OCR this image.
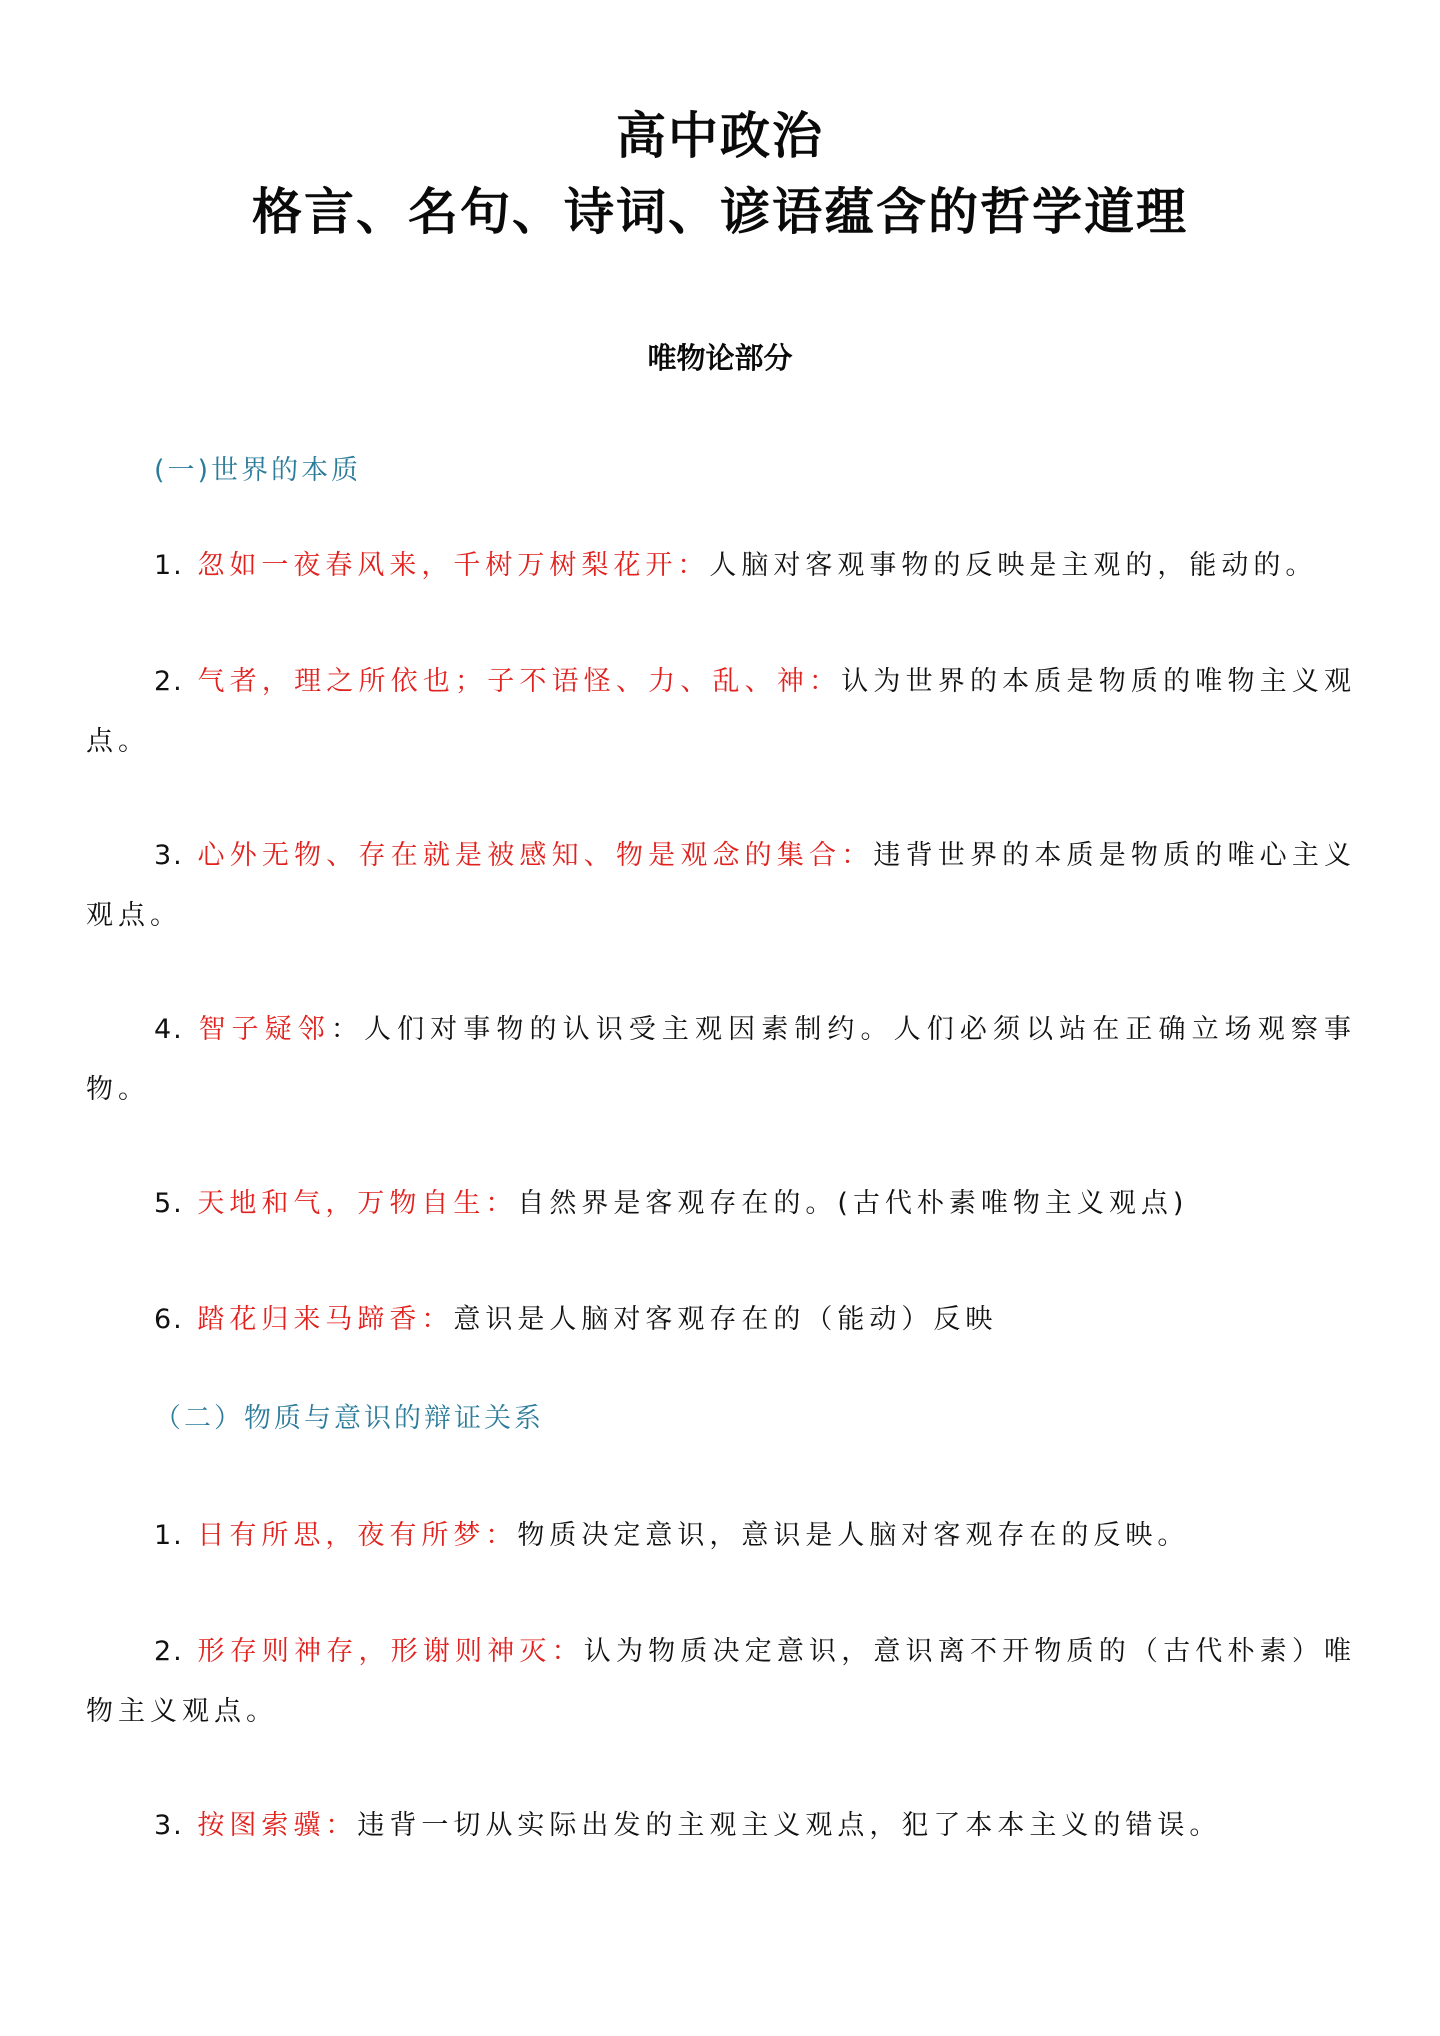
高中政治
格言、名句、诗词、谚语蕴含的哲学道理
唯物论部分
(一)世界的本质
1. 忽如一夜春风来，千树万树梨花开：人脑对客观事物的反映是主观的，能动的。
2. 气者，理之所依也；子不语怪、力、乱、神：认为世界的本质是物质的唯物主义观点。
3. 心外无物、存在就是被感知、物是观念的集合：违背世界的本质是物质的唯心主义观点。
4. 智子疑邻：人们对事物的认识受主观因素制约。人们必须以站在正确立场观察事物。
5. 天地和气，万物自生：自然界是客观存在的。(古代朴素唯物主义观点)
6. 踏花归来马蹄香：意识是人脑对客观存在的（能动）反映
（二）物质与意识的辩证关系
1. 日有所思，夜有所梦：物质决定意识，意识是人脑对客观存在的反映。
2. 形存则神存，形谢则神灭：认为物质决定意识，意识离不开物质的（古代朴素）唯物主义观点。
3. 按图索骥：违背一切从实际出发的主观主义观点，犯了本本主义的错误。
